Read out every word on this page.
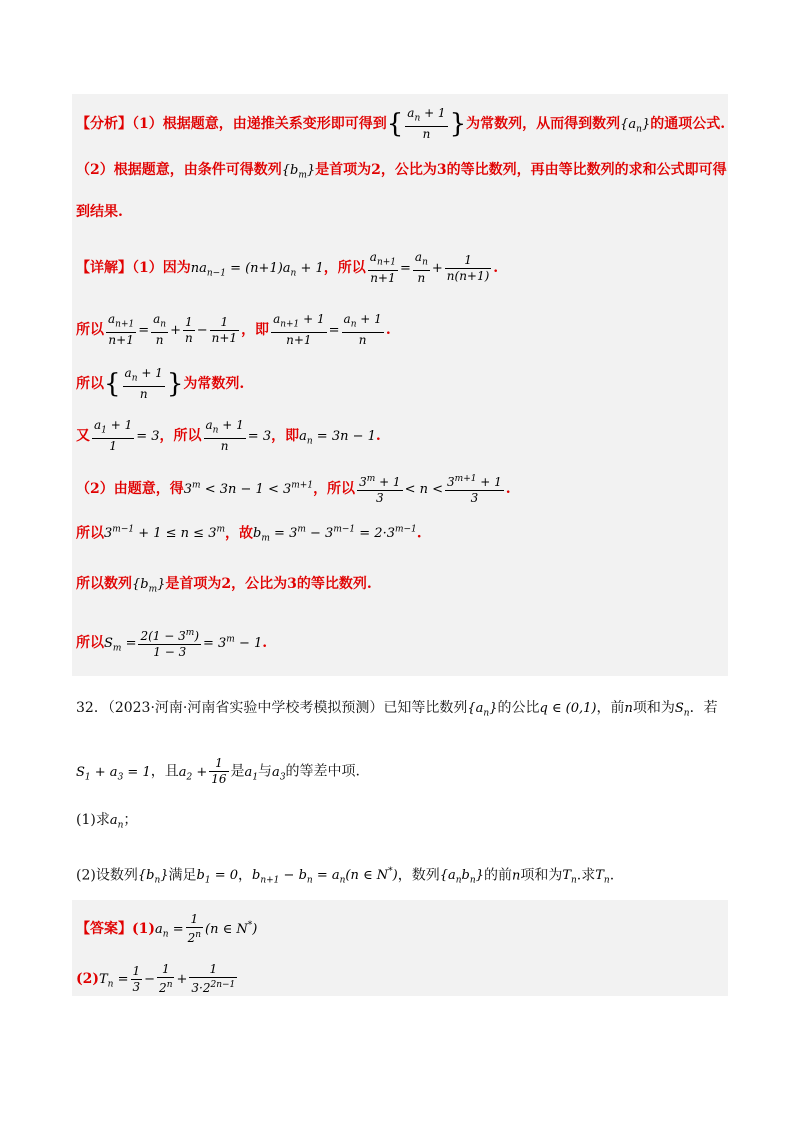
【分析】（1）根据题意，由递推关系变形即可得到{ $\frac{a_n + 1}{n}$ }为常数列，从而得到数列$\{a_n\}$的通项公式.
（2）根据题意，由条件可得数列$\{b_m\}$是首项为2，公比为3的等比数列，再由等比数列的求和公式即可得
到结果.
【详解】（1）因为$na_{n-1} = (n+1)a_n + 1$，所以 $\frac{a_{n+1}}{n+1} = \frac{a_n}{n} + \frac{1}{n(n+1)}$ .
所以 $\frac{a_{n+1}}{n+1} = \frac{a_n}{n} + \frac{1}{n} - \frac{1}{n+1}$ ，即 $\frac{a_{n+1} + 1}{n+1} = \frac{a_n + 1}{n}$ .
所以{ $\frac{a_n + 1}{n}$ }为常数列.
又 $\frac{a_1 + 1}{1} = 3$，所以 $\frac{a_n + 1}{n} = 3$，即$a_n = 3n - 1$.
（2）由题意，得$3^m < 3n - 1 < 3^{m+1}$，所以 $\frac{3^m + 1}{3} < n < \frac{3^{m+1} + 1}{3}$ .
所以$3^{m-1} + 1 \le n \le 3^m$，故$b_m = 3^m - 3^{m-1} = 2\cdot 3^{m-1}$.
所以数列$\{b_m\}$是首项为2，公比为3的等比数列.
所以$S_m = \frac{2(1 - 3^m)}{1 - 3} = 3^m - 1$.
32．（2023·河南·河南省实验中学校考模拟预测）已知等比数列$\{a_n\}$的公比q ∈ (0,1)，前n项和为$S_n$．若
$S_1 + a_3 = 1$，且$a_2 + \frac{1}{16}$ 是$a_1$与$a_3$的等差中项.
(1)求$a_n$；
(2)设数列$\{b_n\}$满足$b_1 = 0$，$b_{n+1} - b_n = a_n(n$ ∈ N*)，数列$\{a_nb_n\}$的前n项和为$T_n$.求$T_n$.
【答案】$(1)a_n = \frac{1}{2^n} (n$ ∈ N*)
$(2)T_n = \frac{1}{3} - \frac{1}{2^n} + \frac{1}{3\cdot 2^{2n-1}}$
